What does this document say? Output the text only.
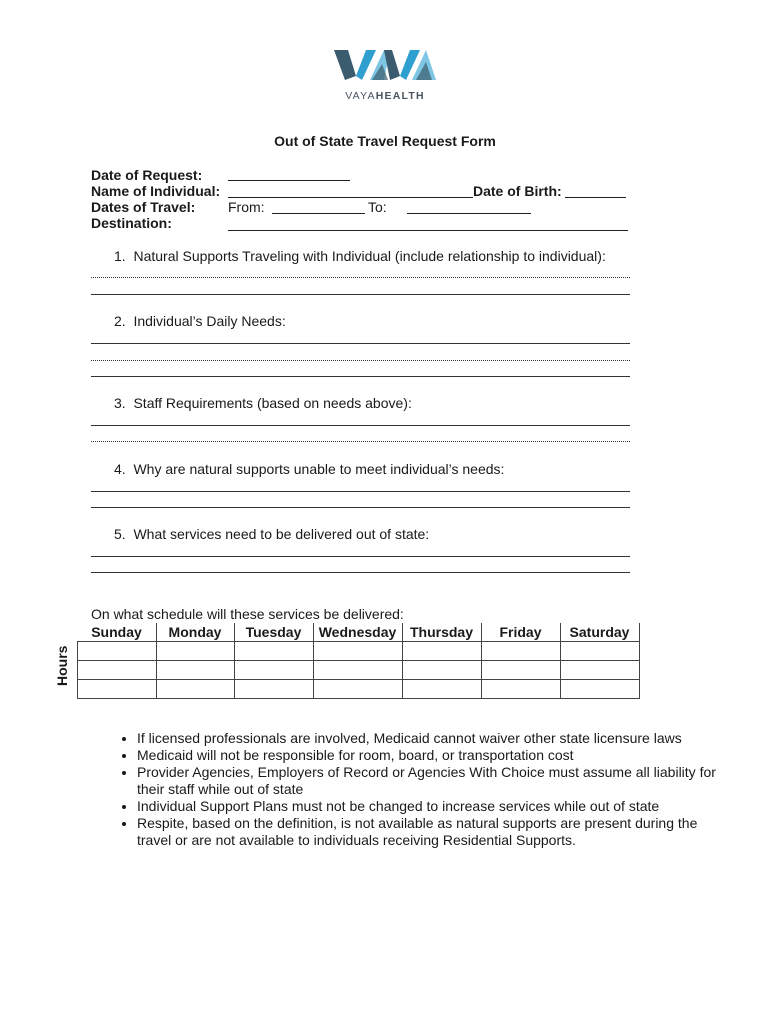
VAYAHEALTH
Out of State Travel Request Form
Date of Request:
Name of Individual:	Date of Birth:
Dates of Travel: From:	To:
Destination:
1. Natural Supports Traveling with Individual (include relationship to individual):
2. Individual’s Daily Needs:
3. Staff Requirements (based on needs above):
4. Why are natural supports unable to meet individual’s needs:
5. What services need to be delivered out of state:
On what schedule will these services be delivered:
Hours
Sunday	Monday	Tuesday	Wednesday	Thursday	Friday	Saturday

• If licensed professionals are involved, Medicaid cannot waiver other state licensure laws
• Medicaid will not be responsible for room, board, or transportation cost
• Provider Agencies, Employers of Record or Agencies With Choice must assume all liability for their staff while out of state
• Individual Support Plans must not be changed to increase services while out of state
• Respite, based on the definition, is not available as natural supports are present during the travel or are not available to individuals receiving Residential Supports.
